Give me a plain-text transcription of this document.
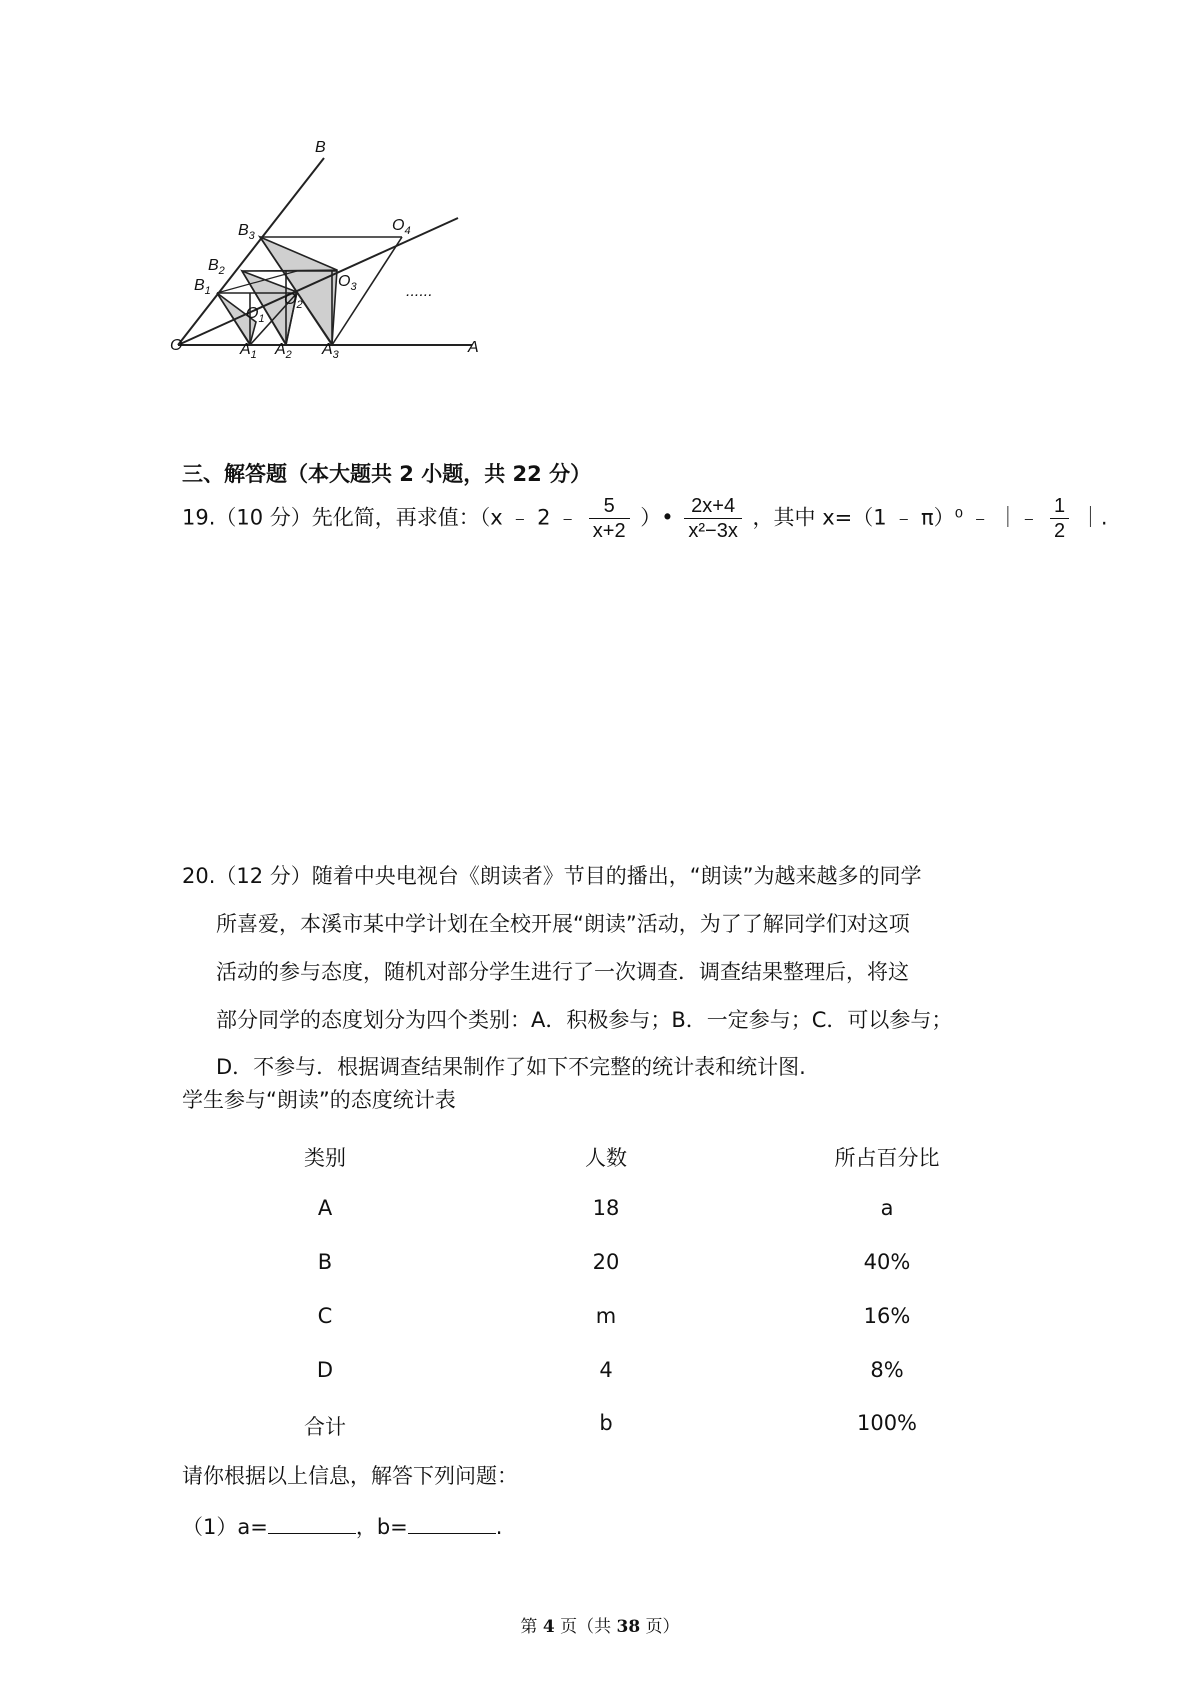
B
$B_3$
$B_2$
$B_1$
O	A
$A_1$ $A_2$ $A_3$
$O_1$
$O_2$
$O_3$
$O_4$
......
三、解答题（本大题共 2 小题，共 22 分）
19.（10 分）先化简，再求值：（x ﹣ 2 ﹣ $\frac{5}{x+2}$ ）• $\frac{2x+4}{\text{x²−3x}}$ ，其中 x=（1 ﹣ π）⁰ ﹣ ｜﹣ $\frac{1}{2}$ ｜.
20.（12 分）随着中央电视台《朗读者》节目的播出，“朗读”为越来越多的同学
所喜爱，本溪市某中学计划在全校开展“朗读”活动，为了了解同学们对这项
活动的参与态度，随机对部分学生进行了一次调查．调查结果整理后，将这
部分同学的态度划分为四个类别：A．积极参与；B．一定参与；C．可以参与；
D．不参与．根据调查结果制作了如下不完整的统计表和统计图.
学生参与“朗读”的态度统计表
类别	人数	所占百分比
A	18	a
B	20	40%
C	m	16%
D	4	8%
合计	b	100%
请你根据以上信息，解答下列问题：
（1）a=	，b=	.
第 4 页（共 38 页）
